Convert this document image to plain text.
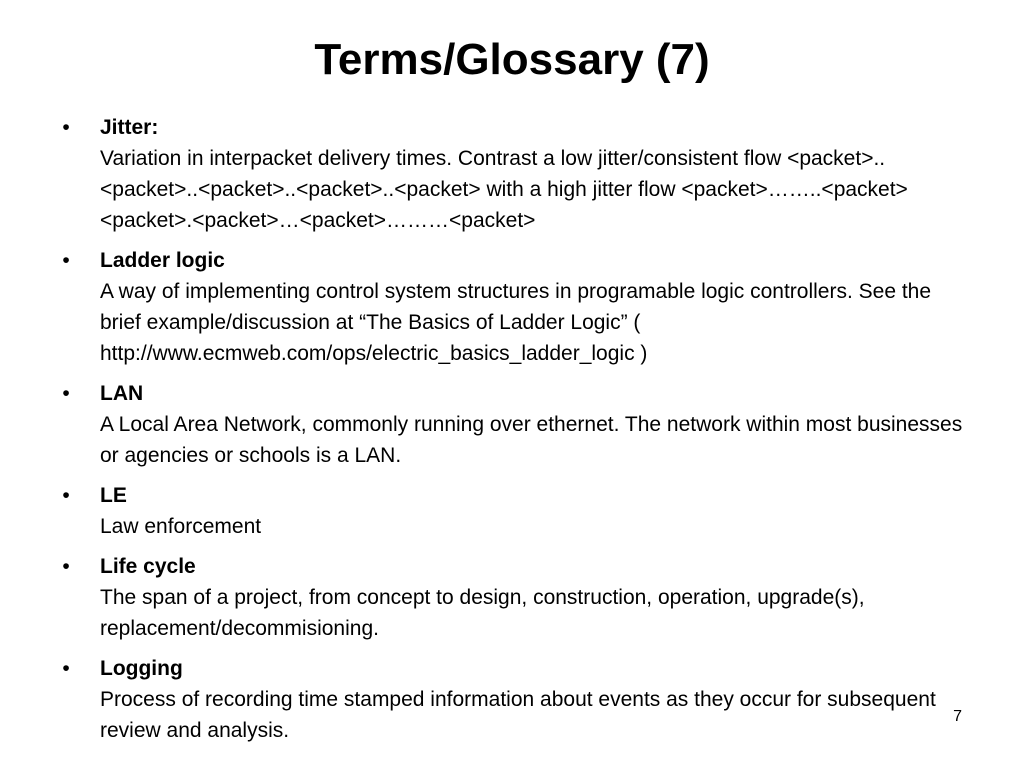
Terms/Glossary (7)
•	Jitter:
Variation in interpacket delivery times. Contrast a low jitter/consistent flow <packet>..<packet>..<packet>..<packet>..<packet> with a high jitter flow <packet>……..<packet><packet>.<packet>…<packet>………<packet>
•	Ladder logic
A way of implementing control system structures in programable logic controllers. See the brief example/discussion at “The Basics of Ladder Logic” ( http://www.ecmweb.com/ops/electric_basics_ladder_logic )
•	LAN
A Local Area Network, commonly running over ethernet. The network within most businesses or agencies or schools is a LAN.
•	LE
Law enforcement
•	Life cycle
The span of a project, from concept to design, construction, operation, upgrade(s), replacement/decommisioning.
•	Logging
Process of recording time stamped information about events as they occur for subsequent review and analysis.
7
